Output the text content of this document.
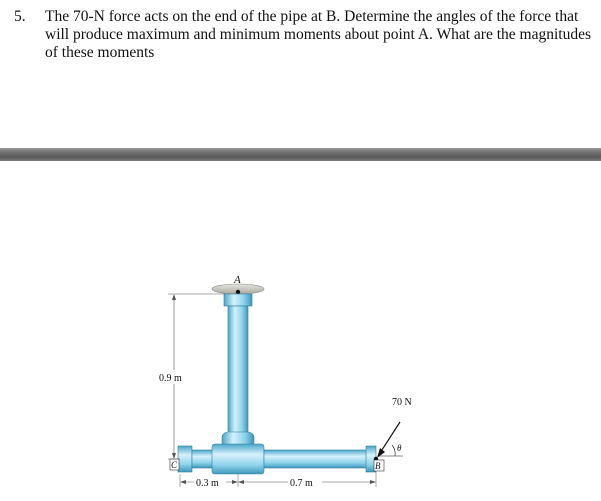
5. The 70-N force acts on the end of the pipe at B. Determine the angles of the force that will produce maximum and minimum moments about point A. What are the magnitudes of these moments
A
C	B
70 N
θ
0.9 m
0.3 m	0.7 m
